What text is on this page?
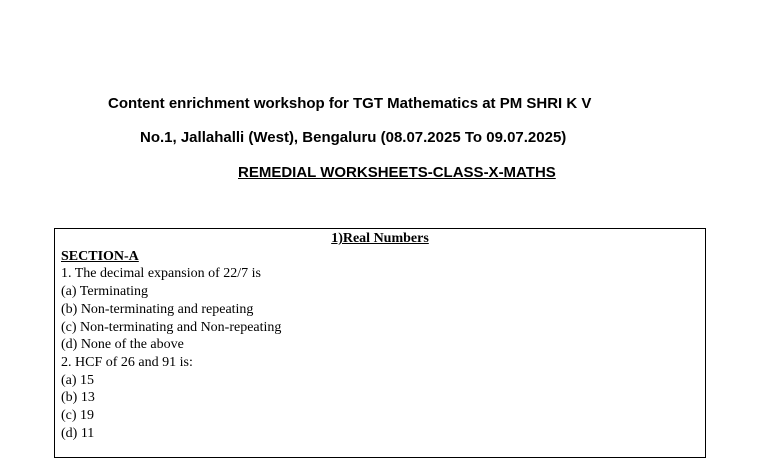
Content enrichment workshop for TGT Mathematics at PM SHRI K V

No.1, Jallahalli (West), Bengaluru (08.07.2025 To 09.07.2025)

REMEDIAL WORKSHEETS-CLASS-X-MATHS

1)Real Numbers
SECTION-A
1. The decimal expansion of 22/7 is
(a) Terminating
(b) Non-terminating and repeating
(c) Non-terminating and Non-repeating
(d) None of the above
2. HCF of 26 and 91 is:
(a) 15
(b) 13
(c) 19
(d) 11
